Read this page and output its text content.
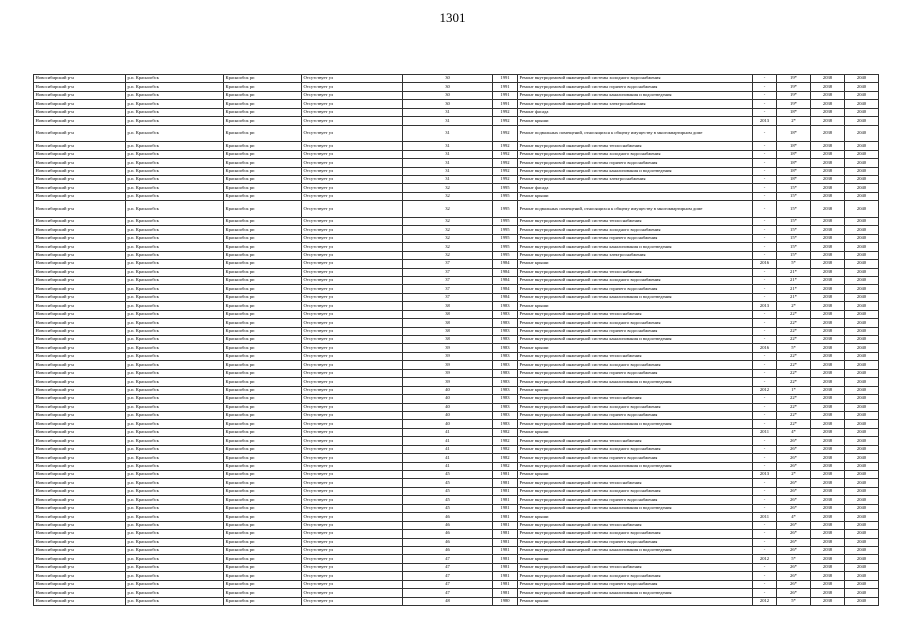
1301
Новосибирский р-н	р.п. Краснообск	Краснообск рп	Отсутствует ул	30	1991	Ремонт внутридомовой инженерной системы холодного водоснабжения	-	19*	2038	2040
Новосибирский р-н	р.п. Краснообск	Краснообск рп	Отсутствует ул	30	1991	Ремонт внутридомовой инженерной системы горячего водоснабжения	-	19*	2038	2040
Новосибирский р-н	р.п. Краснообск	Краснообск рп	Отсутствует ул	30	1991	Ремонт внутридомовой инженерной системы канализования и водоотведения	-	19*	2038	2040
Новосибирский р-н	р.п. Краснообск	Краснообск рп	Отсутствует ул	30	1991	Ремонт внутридомовой инженерной системы электроснабжения	-	19*	2038	2040
Новосибирский р-н	р.п. Краснообск	Краснообск рп	Отсутствует ул	31	1992	Ремонт фасада	-	18*	2038	2040
Новосибирский р-н	р.п. Краснообск	Краснообск рп	Отсутствует ул	31	1992	Ремонт крыши	2013	2*	2038	2040
Новосибирский р-н	р.п. Краснообск	Краснообск рп	Отсутствует ул	31	1992	Ремонт подвальных помещений, относящихся к общему имуществу в многоквартирном доме	-	18*	2038	2040
Новосибирский р-н	р.п. Краснообск	Краснообск рп	Отсутствует ул	31	1992	Ремонт внутридомовой инженерной системы теплоснабжения	-	18*	2038	2040
Новосибирский р-н	р.п. Краснообск	Краснообск рп	Отсутствует ул	31	1992	Ремонт внутридомовой инженерной системы холодного водоснабжения	-	18*	2038	2040
Новосибирский р-н	р.п. Краснообск	Краснообск рп	Отсутствует ул	31	1992	Ремонт внутридомовой инженерной системы горячего водоснабжения	-	18*	2038	2040
Новосибирский р-н	р.п. Краснообск	Краснообск рп	Отсутствует ул	31	1992	Ремонт внутридомовой инженерной системы канализования и водоотведения	-	18*	2038	2040
Новосибирский р-н	р.п. Краснообск	Краснообск рп	Отсутствует ул	31	1992	Ремонт внутридомовой инженерной системы электроснабжения	-	18*	2038	2040
Новосибирский р-н	р.п. Краснообск	Краснообск рп	Отсутствует ул	32	1995	Ремонт фасада	-	15*	2038	2040
Новосибирский р-н	р.п. Краснообск	Краснообск рп	Отсутствует ул	32	1995	Ремонт крыши	-	15*	2038	2040
Новосибирский р-н	р.п. Краснообск	Краснообск рп	Отсутствует ул	32	1995	Ремонт подвальных помещений, относящихся к общему имуществу в многоквартирном доме	-	15*	2038	2040
Новосибирский р-н	р.п. Краснообск	Краснообск рп	Отсутствует ул	32	1995	Ремонт внутридомовой инженерной системы теплоснабжения	-	15*	2038	2040
Новосибирский р-н	р.п. Краснообск	Краснообск рп	Отсутствует ул	32	1995	Ремонт внутридомовой инженерной системы холодного водоснабжения	-	15*	2038	2040
Новосибирский р-н	р.п. Краснообск	Краснообск рп	Отсутствует ул	32	1995	Ремонт внутридомовой инженерной системы горячего водоснабжения	-	15*	2038	2040
Новосибирский р-н	р.п. Краснообск	Краснообск рп	Отсутствует ул	32	1995	Ремонт внутридомовой инженерной системы канализования и водоотведения	-	15*	2038	2040
Новосибирский р-н	р.п. Краснообск	Краснообск рп	Отсутствует ул	32	1995	Ремонт внутридомовой инженерной системы электроснабжения	-	15*	2038	2040
Новосибирский р-н	р.п. Краснообск	Краснообск рп	Отсутствует ул	37	1984	Ремонт крыши	2016	5*	2038	2040
Новосибирский р-н	р.п. Краснообск	Краснообск рп	Отсутствует ул	37	1984	Ремонт внутридомовой инженерной системы теплоснабжения	-	21*	2038	2040
Новосибирский р-н	р.п. Краснообск	Краснообск рп	Отсутствует ул	37	1984	Ремонт внутридомовой инженерной системы холодного водоснабжения	-	21*	2038	2040
Новосибирский р-н	р.п. Краснообск	Краснообск рп	Отсутствует ул	37	1984	Ремонт внутридомовой инженерной системы горячего водоснабжения	-	21*	2038	2040
Новосибирский р-н	р.п. Краснообск	Краснообск рп	Отсутствует ул	37	1984	Ремонт внутридомовой инженерной системы канализования и водоотведения	-	21*	2038	2040
Новосибирский р-н	р.п. Краснообск	Краснообск рп	Отсутствует ул	38	1983	Ремонт крыши	2013	2*	2038	2040
Новосибирский р-н	р.п. Краснообск	Краснообск рп	Отсутствует ул	38	1983	Ремонт внутридомовой инженерной системы теплоснабжения	-	22*	2038	2040
Новосибирский р-н	р.п. Краснообск	Краснообск рп	Отсутствует ул	38	1983	Ремонт внутридомовой инженерной системы холодного водоснабжения	-	22*	2038	2040
Новосибирский р-н	р.п. Краснообск	Краснообск рп	Отсутствует ул	38	1983	Ремонт внутридомовой инженерной системы горячего водоснабжения	-	22*	2038	2040
Новосибирский р-н	р.п. Краснообск	Краснообск рп	Отсутствует ул	38	1983	Ремонт внутридомовой инженерной системы канализования и водоотведения	-	22*	2038	2040
Новосибирский р-н	р.п. Краснообск	Краснообск рп	Отсутствует ул	39	1983	Ремонт крыши	2016	5*	2038	2040
Новосибирский р-н	р.п. Краснообск	Краснообск рп	Отсутствует ул	39	1983	Ремонт внутридомовой инженерной системы теплоснабжения	-	22*	2038	2040
Новосибирский р-н	р.п. Краснообск	Краснообск рп	Отсутствует ул	39	1983	Ремонт внутридомовой инженерной системы холодного водоснабжения	-	22*	2038	2040
Новосибирский р-н	р.п. Краснообск	Краснообск рп	Отсутствует ул	39	1983	Ремонт внутридомовой инженерной системы горячего водоснабжения	-	22*	2038	2040
Новосибирский р-н	р.п. Краснообск	Краснообск рп	Отсутствует ул	39	1983	Ремонт внутридомовой инженерной системы канализования и водоотведения	-	22*	2038	2040
Новосибирский р-н	р.п. Краснообск	Краснообск рп	Отсутствует ул	40	1983	Ремонт крыши	2012	1*	2038	2040
Новосибирский р-н	р.п. Краснообск	Краснообск рп	Отсутствует ул	40	1983	Ремонт внутридомовой инженерной системы теплоснабжения	-	22*	2038	2040
Новосибирский р-н	р.п. Краснообск	Краснообск рп	Отсутствует ул	40	1983	Ремонт внутридомовой инженерной системы холодного водоснабжения	-	22*	2038	2040
Новосибирский р-н	р.п. Краснообск	Краснообск рп	Отсутствует ул	40	1983	Ремонт внутридомовой инженерной системы горячего водоснабжения	-	22*	2038	2040
Новосибирский р-н	р.п. Краснообск	Краснообск рп	Отсутствует ул	40	1983	Ремонт внутридомовой инженерной системы канализования и водоотведения	-	22*	2038	2040
Новосибирский р-н	р.п. Краснообск	Краснообск рп	Отсутствует ул	41	1982	Ремонт крыши	2011	4*	2038	2040
Новосибирский р-н	р.п. Краснообск	Краснообск рп	Отсутствует ул	41	1982	Ремонт внутридомовой инженерной системы теплоснабжения	-	26*	2038	2040
Новосибирский р-н	р.п. Краснообск	Краснообск рп	Отсутствует ул	41	1982	Ремонт внутридомовой инженерной системы холодного водоснабжения	-	26*	2038	2040
Новосибирский р-н	р.п. Краснообск	Краснообск рп	Отсутствует ул	41	1982	Ремонт внутридомовой инженерной системы горячего водоснабжения	-	26*	2038	2040
Новосибирский р-н	р.п. Краснообск	Краснообск рп	Отсутствует ул	41	1982	Ремонт внутридомовой инженерной системы канализования и водоотведения	-	26*	2038	2040
Новосибирский р-н	р.п. Краснообск	Краснообск рп	Отсутствует ул	45	1981	Ремонт крыши	2013	2*	2038	2040
Новосибирский р-н	р.п. Краснообск	Краснообск рп	Отсутствует ул	45	1981	Ремонт внутридомовой инженерной системы теплоснабжения	-	26*	2038	2040
Новосибирский р-н	р.п. Краснообск	Краснообск рп	Отсутствует ул	45	1981	Ремонт внутридомовой инженерной системы холодного водоснабжения	-	26*	2038	2040
Новосибирский р-н	р.п. Краснообск	Краснообск рп	Отсутствует ул	45	1981	Ремонт внутридомовой инженерной системы горячего водоснабжения	-	26*	2038	2040
Новосибирский р-н	р.п. Краснообск	Краснообск рп	Отсутствует ул	45	1981	Ремонт внутридомовой инженерной системы канализования и водоотведения	-	26*	2038	2040
Новосибирский р-н	р.п. Краснообск	Краснообск рп	Отсутствует ул	46	1981	Ремонт крыши	2011	4*	2038	2040
Новосибирский р-н	р.п. Краснообск	Краснообск рп	Отсутствует ул	46	1981	Ремонт внутридомовой инженерной системы теплоснабжения	-	26*	2038	2040
Новосибирский р-н	р.п. Краснообск	Краснообск рп	Отсутствует ул	46	1981	Ремонт внутридомовой инженерной системы холодного водоснабжения	-	26*	2038	2040
Новосибирский р-н	р.п. Краснообск	Краснообск рп	Отсутствует ул	46	1981	Ремонт внутридомовой инженерной системы горячего водоснабжения	-	26*	2038	2040
Новосибирский р-н	р.п. Краснообск	Краснообск рп	Отсутствует ул	46	1981	Ремонт внутридомовой инженерной системы канализования и водоотведения	-	26*	2038	2040
Новосибирский р-н	р.п. Краснообск	Краснообск рп	Отсутствует ул	47	1981	Ремонт крыши	2012	5*	2038	2040
Новосибирский р-н	р.п. Краснообск	Краснообск рп	Отсутствует ул	47	1981	Ремонт внутридомовой инженерной системы теплоснабжения	-	26*	2038	2040
Новосибирский р-н	р.п. Краснообск	Краснообск рп	Отсутствует ул	47	1981	Ремонт внутридомовой инженерной системы холодного водоснабжения	-	26*	2038	2040
Новосибирский р-н	р.п. Краснообск	Краснообск рп	Отсутствует ул	47	1981	Ремонт внутридомовой инженерной системы горячего водоснабжения	-	26*	2038	2040
Новосибирский р-н	р.п. Краснообск	Краснообск рп	Отсутствует ул	47	1981	Ремонт внутридомовой инженерной системы канализования и водоотведения	-	26*	2038	2040
Новосибирский р-н	р.п. Краснообск	Краснообск рп	Отсутствует ул	48	1980	Ремонт крыши	2012	5*	2038	2040
